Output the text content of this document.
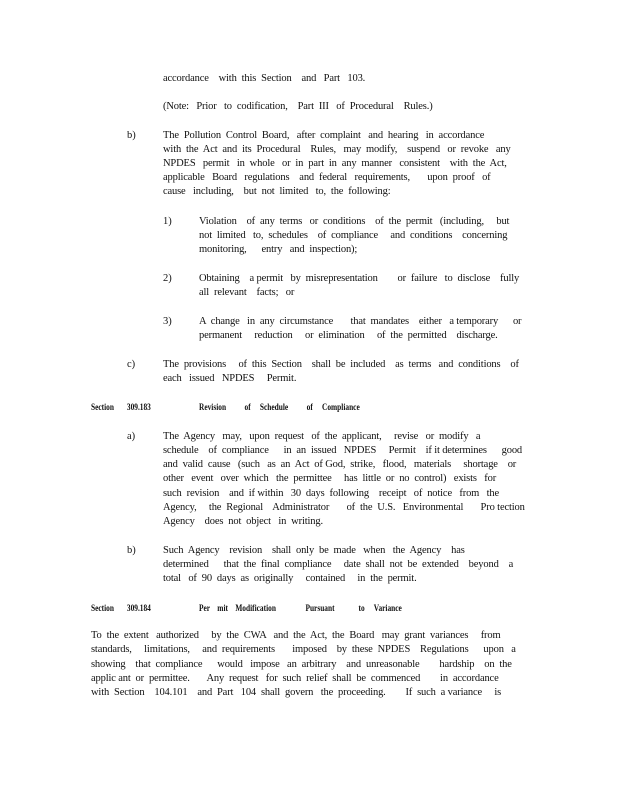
accordance    with  this  Section    and   Part   103.
(Note:   Prior   to  codification,    Part  III   of  Procedural    Rules.)
b)	The  Pollution  Control  Board,   after  complaint   and  hearing   in  accordance
with  the  Act  and  its  Procedural    Rules,   may  modify,    suspend   or  revoke   any
NPDES   permit   in  whole   or  in  part  in  any  manner   consistent    with  the  Act,
applicable   Board   regulations    and  federal   requirements,       upon  proof   of
cause   including,    but  not  limited   to,  the  following:
1)	Violation    of  any  terms   or  conditions    of  the  permit   (including,     but
not  limited   to,  schedules    of  compliance     and  conditions    concerning
monitoring,      entry   and  inspection);
2)	Obtaining    a permit   by  misrepresentation        or  failure   to  disclose    fully
all  relevant    facts;   or
3)	A  change   in  any  circumstance       that  mandates    either   a temporary      or
permanent     reduction     or  elimination     of  the  permitted    discharge.
c)	The  provisions     of  this  Section    shall  be  included    as  terms   and  conditions    of
each   issued   NPDES     Permit.
Section       309.183	Revision          of     Schedule          of     Compliance
a)	The  Agency   may,   upon  request   of  the  applicant,     revise   or  modify   a
schedule    of  compliance      in  an  issued   NPDES     Permit    if it determines      good
and  valid  cause   (such   as  an  Act  of God,  strike,   flood,   materials     shortage    or
other   event   over  which   the  permittee     has  little  or  no  control)   exists   for
such  revision    and  if within   30  days  following    receipt   of  notice   from   the
Agency,     the  Regional    Administrator       of  the  U.S.   Environmental       Pro tection
Agency    does  not  object   in  writing.
b)	Such  Agency    revision    shall  only  be  made   when   the  Agency    has
determined      that  the  final  compliance     date  shall  not  be  extended    beyond    a
total   of  90  days  as  originally     contained     in  the  permit.
Section       309.184	Per    mit    Modification                Pursuant             to     Variance
To  the  extent   authorized     by  the  CWA   and  the  Act,  the  Board   may  grant  variances     from
standards,     limitations,     and  requirements       imposed    by  these  NPDES    Regulations      upon   a
showing    that  compliance      would   impose   an  arbitrary    and  unreasonable        hardship    on  the
applic ant  or  permittee.       Any  request   for  such  relief  shall  be  commenced        in  accordance
with  Section    104.101    and  Part   104  shall  govern   the  proceeding.        If  such  a variance     is
